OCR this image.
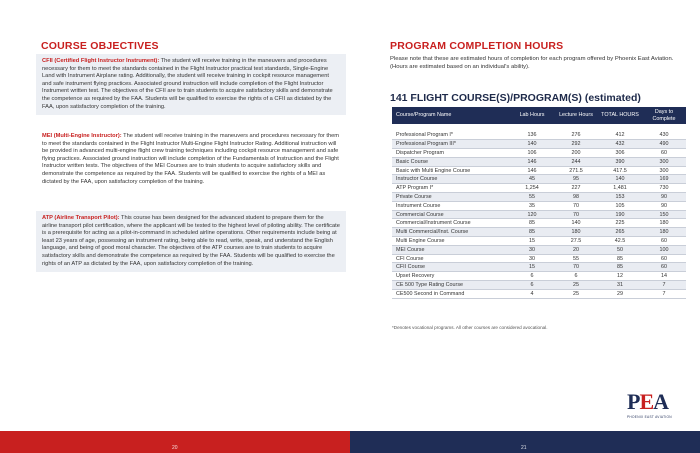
COURSE OBJECTIVES
CFII (Certified Flight Instructor Instrument): The student will receive training in the maneuvers and procedures necessary for them to meet the standards contained in the Flight Instructor practical test standards, Single-Engine Land with Instrument Airplane rating. Additionally, the student will receive training in cockpit resource management and safe instrument flying practices. Associated ground instruction will include completion of the Flight Instructor Instrument written test. The objectives of the CFII are to train students to acquire satisfactory skills and demonstrate the competence as required by the FAA. Students will be qualified to exercise the rights of a CFII as dictated by the FAA, upon satisfactory completion of the training.
MEI (Multi-Engine Instructor): The student will receive training in the maneuvers and procedures necessary for them to meet the standards contained in the Flight Instructor Multi-Engine Flight Instructor Rating. Additional instruction will be provided in advanced multi-engine flight crew training techniques including cockpit resource management and safe flying practices. Associated ground instruction will include completion of the Fundamentals of Instruction and the Flight Instructor written tests. The objectives of the MEI Courses are to train students to acquire satisfactory skills and demonstrate the competence as required by the FAA. Students will be qualified to exercise the rights of a MEI as dictated by the FAA, upon satisfactory completion of the training.
ATP (Airline Transport Pilot): This course has been designed for the advanced student to prepare them for the airline transport pilot certification, where the applicant will be tested to the highest level of piloting ability. The certificate is a prerequisite for acting as a pilot-in-command in scheduled airline operations. Other requirements include being at least 23 years of age, possessing an instrument rating, being able to read, write, speak, and understand the English language, and being of good moral character. The objectives of the ATP courses are to train students to acquire satisfactory skills and demonstrate the competence as required by the FAA. Students will be qualified to exercise the rights of an ATP as dictated by the FAA, upon satisfactory completion of the training.
PROGRAM COMPLETION HOURS
Please note that these are estimated hours of completion for each program offered by Phoenix East Aviation. (Hours are estimated based on an individual's ability).
141 FLIGHT COURSE(S)/PROGRAM(S) (estimated)
Course/Program Name	Lab Hours	Lecture Hours	TOTAL HOURS	Days to Complete

Professional Program I*	136	276	412	430
Professional Program III*	140	292	432	490
Dispatcher Program	106	200	306	60
Basic Course	146	244	390	300
Basic with Multi Engine Course	146	271.5	417.5	300
Instructor Course	45	95	140	169
ATP Program I*	1,254	227	1,481	730
Private Course	55	98	153	90
Instrument Course	35	70	105	90
Commercial Course	120	70	190	150
Commercial/Instrument Course	85	140	225	180
Multi Commercial/Inst. Course	85	180	265	180
Multi Engine Course	15	27.5	42.5	60
MEI Course	30	20	50	100
CFI Course	30	55	85	60
CFII Course	15	70	85	60
Upset Recovery	6	6	12	14
CE 500 Type Rating Course	6	25	31	7
CE500 Second in Command	4	25	29	7
*Denotes vocational programs. All other courses are considered avocational.
PEA
PHOENIX EAST AVIATION
20	21
